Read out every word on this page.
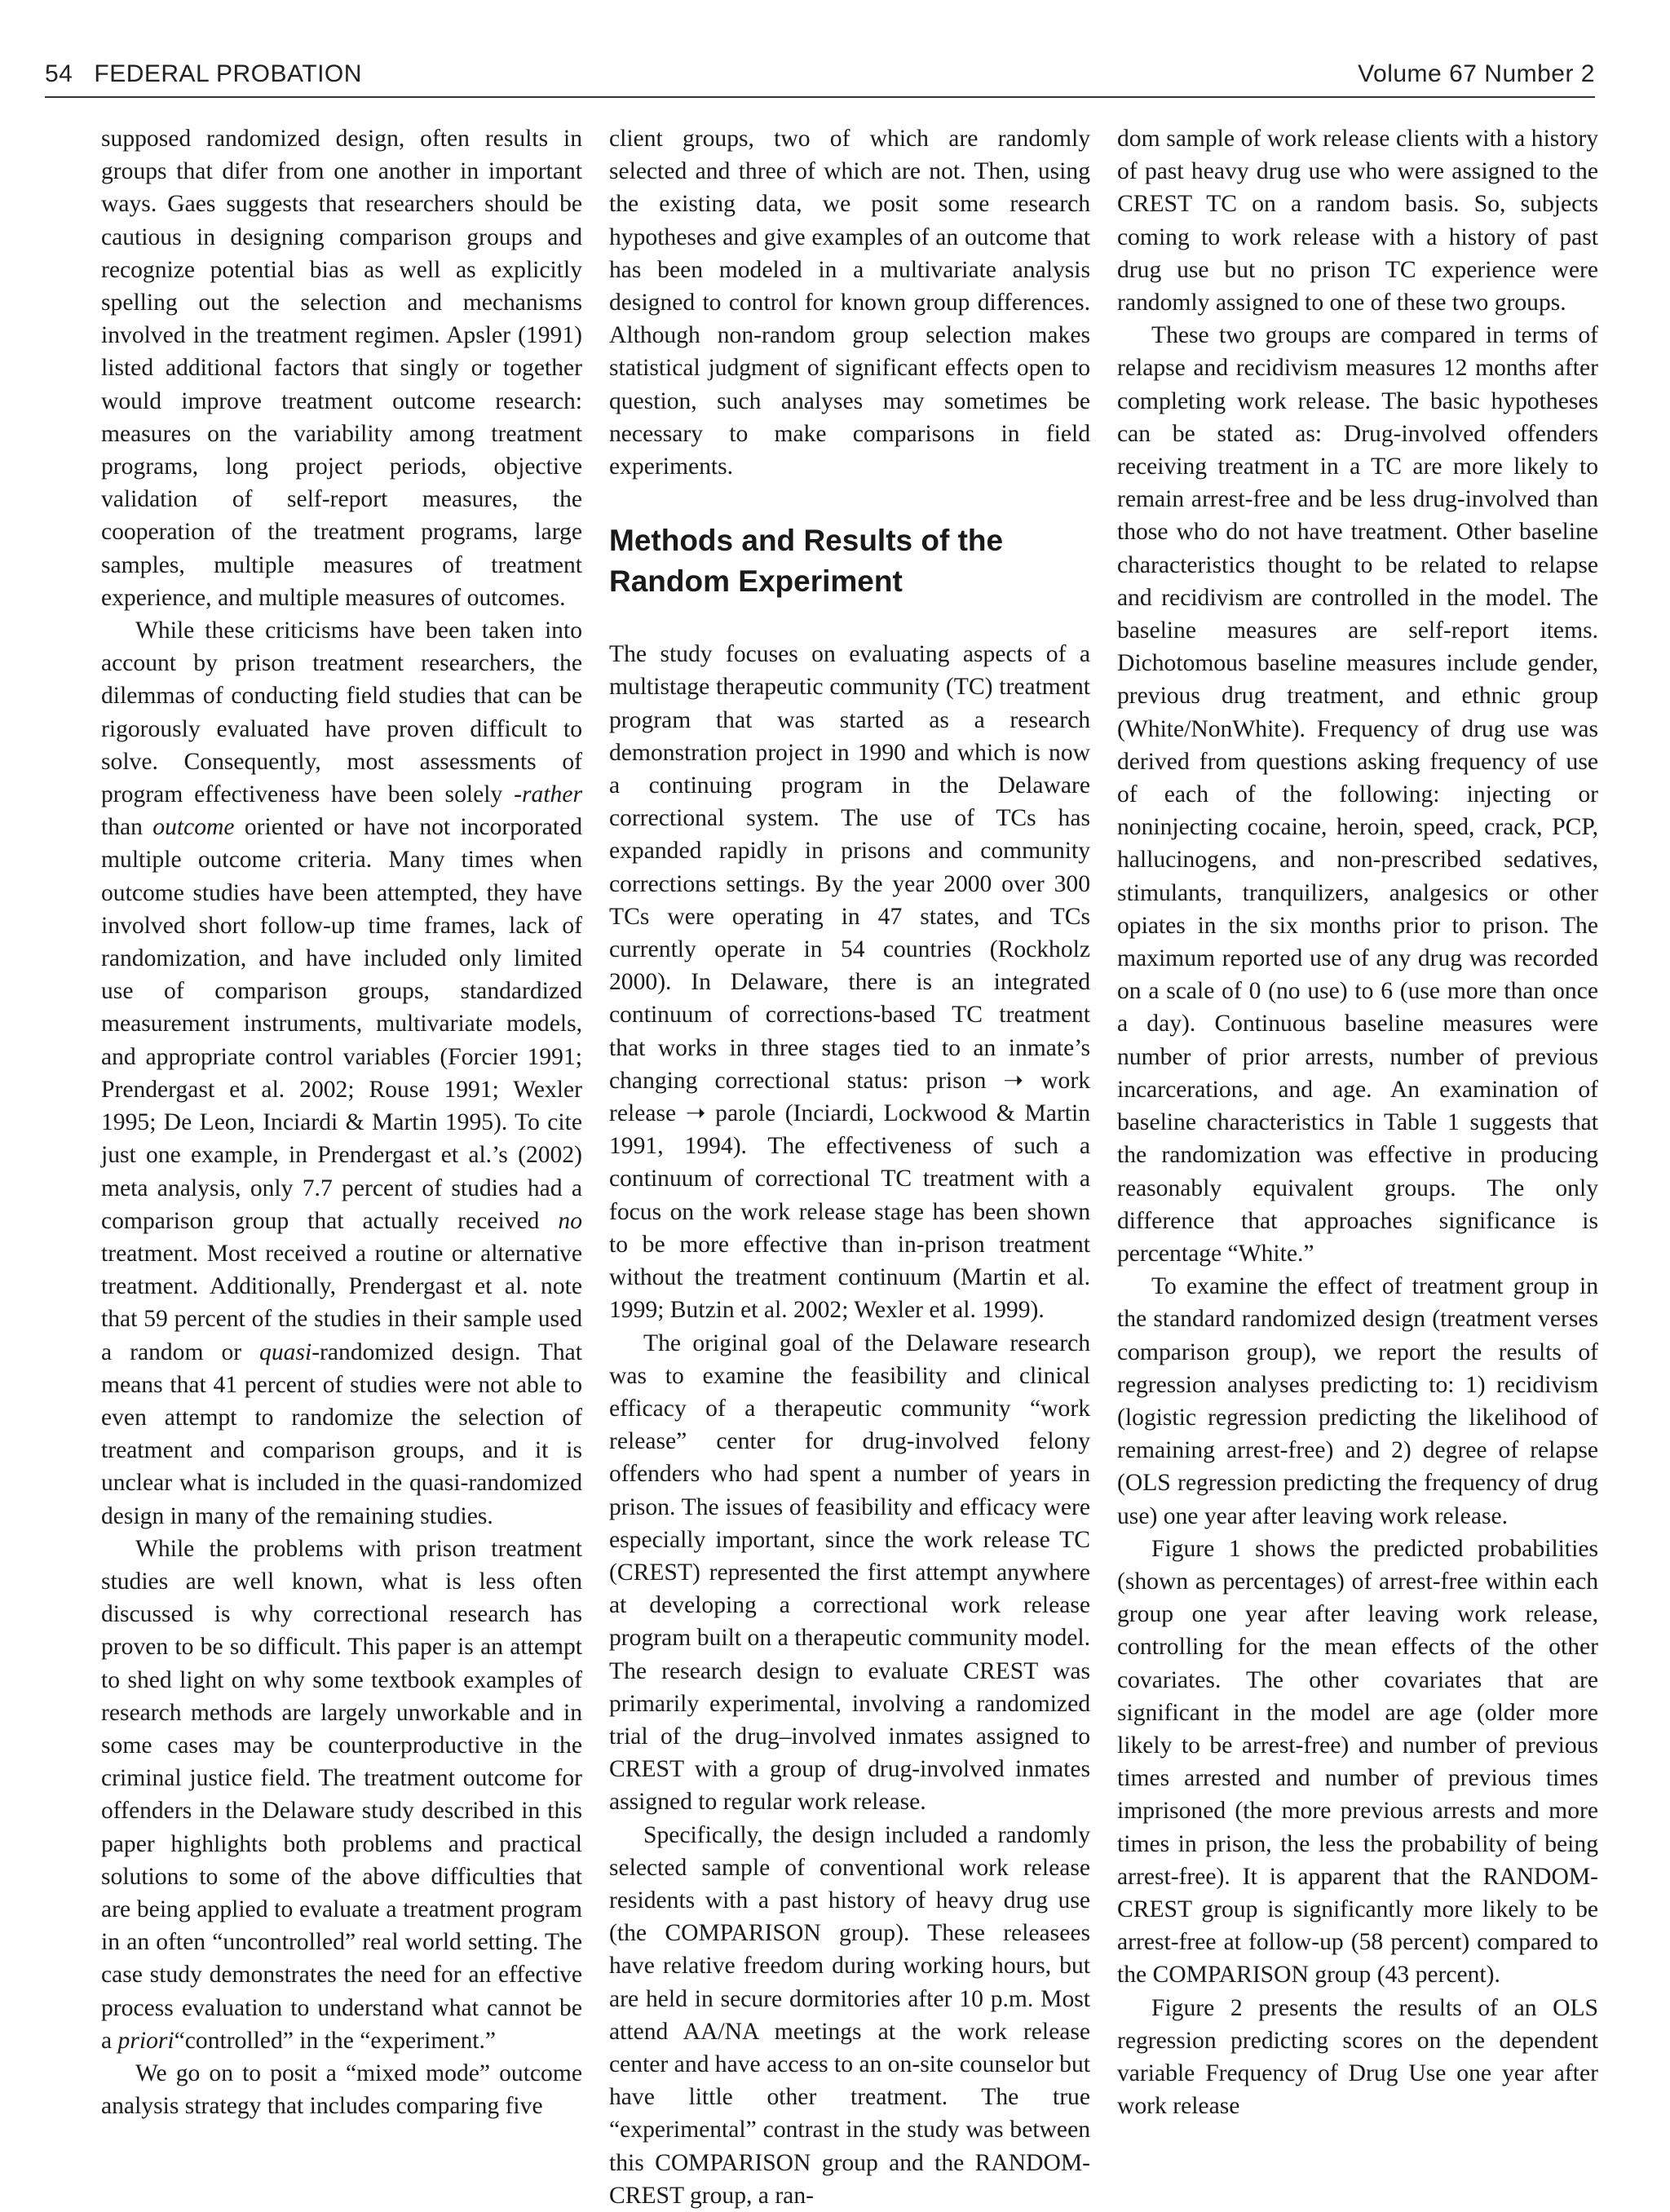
54 FEDERAL PROBATION	Volume 67 Number 2

supposed randomized design, often results in groups that difer from one another in important ways. Gaes suggests that researchers should be cautious in designing comparison groups and recognize potential bias as well as explicitly spelling out the selection and mechanisms involved in the treatment regimen. Apsler (1991) listed additional factors that singly or together would improve treatment outcome research: measures on the variability among treatment programs, long project periods, objective validation of self-report measures, the cooperation of the treatment programs, large samples, multiple measures of treatment experience, and multiple measures of outcomes.

While these criticisms have been taken into account by prison treatment researchers, the dilemmas of conducting field studies that can be rigorously evaluated have proven difficult to solve. Consequently, most assessments of program effectiveness have been solely -rather than outcome oriented or have not incorporated multiple outcome criteria. Many times when outcome studies have been attempted, they have involved short follow-up time frames, lack of randomization, and have included only limited use of comparison groups, standardized measurement instruments, multivariate models, and appropriate control variables (Forcier 1991; Prendergast et al. 2002; Rouse 1991; Wexler 1995; De Leon, Inciardi & Martin 1995). To cite just one example, in Prendergast et al.’s (2002) meta analysis, only 7.7 percent of studies had a comparison group that actually received no treatment. Most received a routine or alternative treatment. Additionally, Prendergast et al. note that 59 percent of the studies in their sample used a random or quasi-randomized design. That means that 41 percent of studies were not able to even attempt to randomize the selection of treatment and comparison groups, and it is unclear what is included in the quasi-randomized design in many of the remaining studies.

While the problems with prison treatment studies are well known, what is less often discussed is why correctional research has proven to be so difficult. This paper is an attempt to shed light on why some textbook examples of research methods are largely unworkable and in some cases may be counterproductive in the criminal justice field. The treatment outcome for offenders in the Delaware study described in this paper highlights both problems and practical solutions to some of the above difficulties that are being applied to evaluate a treatment program in an often “uncontrolled” real world setting. The case study demonstrates the need for an effective process evaluation to understand what cannot be a priori“controlled” in the “experiment.”

We go on to posit a “mixed mode” outcome analysis strategy that includes comparing five

client groups, two of which are randomly selected and three of which are not. Then, using the existing data, we posit some research hypotheses and give examples of an outcome that has been modeled in a multivariate analysis designed to control for known group differences. Although non-random group selection makes statistical judgment of significant effects open to question, such analyses may sometimes be necessary to make comparisons in field experiments.

Methods and Results of the Random Experiment

The study focuses on evaluating aspects of a multistage therapeutic community (TC) treatment program that was started as a research demonstration project in 1990 and which is now a continuing program in the Delaware correctional system. The use of TCs has expanded rapidly in prisons and community corrections settings. By the year 2000 over 300 TCs were operating in 47 states, and TCs currently operate in 54 countries (Rockholz 2000). In Delaware, there is an integrated continuum of corrections-based TC treatment that works in three stages tied to an inmate’s changing correctional status: prison ➝ work release ➝ parole (Inciardi, Lockwood & Martin 1991, 1994). The effectiveness of such a continuum of correctional TC treatment with a focus on the work release stage has been shown to be more effective than in-prison treatment without the treatment continuum (Martin et al. 1999; Butzin et al. 2002; Wexler et al. 1999).

The original goal of the Delaware research was to examine the feasibility and clinical efficacy of a therapeutic community “work release” center for drug-involved felony offenders who had spent a number of years in prison. The issues of feasibility and efficacy were especially important, since the work release TC (CREST) represented the first attempt anywhere at developing a correctional work release program built on a therapeutic community model. The research design to evaluate CREST was primarily experimental, involving a randomized trial of the drug–involved inmates assigned to CREST with a group of drug-involved inmates assigned to regular work release.

Specifically, the design included a randomly selected sample of conventional work release residents with a past history of heavy drug use (the COMPARISON group). These releasees have relative freedom during working hours, but are held in secure dormitories after 10 p.m. Most attend AA/NA meetings at the work release center and have access to an on-site counselor but have little other treatment. The true “experimental” contrast in the study was between this COMPARISON group and the RANDOM-CREST group, a ran-

dom sample of work release clients with a history of past heavy drug use who were assigned to the CREST TC on a random basis. So, subjects coming to work release with a history of past drug use but no prison TC experience were randomly assigned to one of these two groups.

These two groups are compared in terms of relapse and recidivism measures 12 months after completing work release. The basic hypotheses can be stated as: Drug-involved offenders receiving treatment in a TC are more likely to remain arrest-free and be less drug-involved than those who do not have treatment. Other baseline characteristics thought to be related to relapse and recidivism are controlled in the model. The baseline measures are self-report items. Dichotomous baseline measures include gender, previous drug treatment, and ethnic group (White/NonWhite). Frequency of drug use was derived from questions asking frequency of use of each of the following: injecting or noninjecting cocaine, heroin, speed, crack, PCP, hallucinogens, and non-prescribed sedatives, stimulants, tranquilizers, analgesics or other opiates in the six months prior to prison. The maximum reported use of any drug was recorded on a scale of 0 (no use) to 6 (use more than once a day). Continuous baseline measures were number of prior arrests, number of previous incarcerations, and age. An examination of baseline characteristics in Table 1 suggests that the randomization was effective in producing reasonably equivalent groups. The only difference that approaches significance is percentage “White.”

To examine the effect of treatment group in the standard randomized design (treatment verses comparison group), we report the results of regression analyses predicting to: 1) recidivism (logistic regression predicting the likelihood of remaining arrest-free) and 2) degree of relapse (OLS regression predicting the frequency of drug use) one year after leaving work release.

Figure 1 shows the predicted probabilities (shown as percentages) of arrest-free within each group one year after leaving work release, controlling for the mean effects of the other covariates. The other covariates that are significant in the model are age (older more likely to be arrest-free) and number of previous times arrested and number of previous times imprisoned (the more previous arrests and more times in prison, the less the probability of being arrest-free). It is apparent that the RANDOM-CREST group is significantly more likely to be arrest-free at follow-up (58 percent) compared to the COMPARISON group (43 percent).

Figure 2 presents the results of an OLS regression predicting scores on the dependent variable Frequency of Drug Use one year after work release
